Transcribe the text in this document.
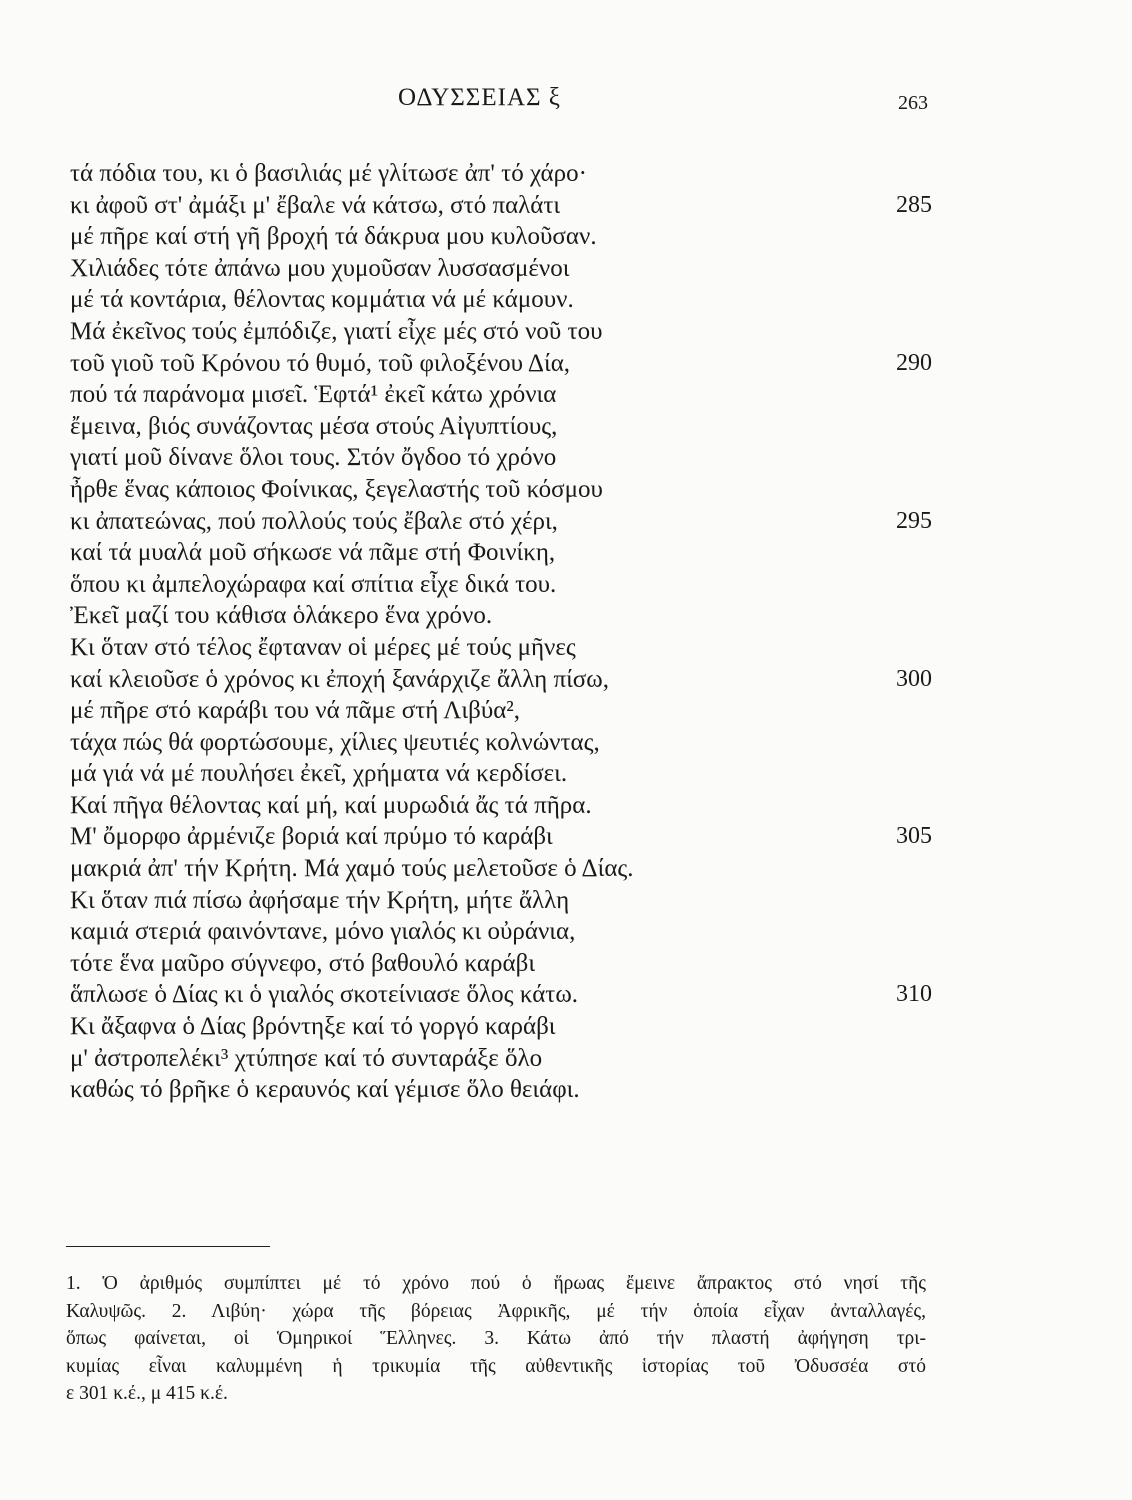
ΟΔΥΣΣΕΙΑΣ ξ	263
τά πόδια του, κι ὁ βασιλιάς μέ γλίτωσε ἀπ' τό χάρο·
κι ἀφοῦ στ' ἀμάξι μ' ἔβαλε νά κάτσω, στό παλάτι	285
μέ πῆρε καί στή γῆ βροχή τά δάκρυα μου κυλοῦσαν.
Χιλιάδες τότε ἀπάνω μου χυμοῦσαν λυσσασμένοι
μέ τά κοντάρια, θέλοντας κομμάτια νά μέ κάμουν.
Μά ἐκεῖνος τούς ἐμπόδιζε, γιατί εἶχε μές στό νοῦ του
τοῦ γιοῦ τοῦ Κρόνου τό θυμό, τοῦ φιλοξένου Δία,	290
πού τά παράνομα μισεῖ. Ἑφτά¹ ἐκεῖ κάτω χρόνια
ἔμεινα, βιός συνάζοντας μέσα στούς Αἰγυπτίους,
γιατί μοῦ δίνανε ὅλοι τους. Στόν ὄγδοο τό χρόνο
ἦρθε ἕνας κάποιος Φοίνικας, ξεγελαστής τοῦ κόσμου
κι ἀπατεώνας, πού πολλούς τούς ἔβαλε στό χέρι,	295
καί τά μυαλά μοῦ σήκωσε νά πᾶμε στή Φοινίκη,
ὅπου κι ἀμπελοχώραφα καί σπίτια εἶχε δικά του.
Ἐκεῖ μαζί του κάθισα ὁλάκερο ἕνα χρόνο.
Κι ὅταν στό τέλος ἔφταναν οἱ μέρες μέ τούς μῆνες
καί κλειοῦσε ὁ χρόνος κι ἐποχή ξανάρχιζε ἄλλη πίσω,	300
μέ πῆρε στό καράβι του νά πᾶμε στή Λιβύα²,
τάχα πώς θά φορτώσουμε, χίλιες ψευτιές κολνώντας,
μά γιά νά μέ πουλήσει ἐκεῖ, χρήματα νά κερδίσει.
Καί πῆγα θέλοντας καί μή, καί μυρωδιά ἄς τά πῆρα.
Μ' ὄμορφο ἀρμένιζε βοριά καί πρύμο τό καράβι	305
μακριά ἀπ' τήν Κρήτη. Μά χαμό τούς μελετοῦσε ὁ Δίας.
Κι ὅταν πιά πίσω ἀφήσαμε τήν Κρήτη, μήτε ἄλλη
καμιά στεριά φαινόντανε, μόνο γιαλός κι οὐράνια,
τότε ἕνα μαῦρο σύγνεφο, στό βαθουλό καράβι
ἅπλωσε ὁ Δίας κι ὁ γιαλός σκοτείνιασε ὅλος κάτω.	310
Κι ἄξαφνα ὁ Δίας βρόντηξε καί τό γοργό καράβι
μ' ἀστροπελέκι³ χτύπησε καί τό συνταράξε ὅλο
καθώς τό βρῆκε ὁ κεραυνός καί γέμισε ὅλο θειάφι.
1. Ὁ ἀριθμός συμπίπτει μέ τό χρόνο πού ὁ ἥρωας ἔμεινε ἄπρακτος στό νησί τῆς
Καλυψῶς. 2. Λιβύη· χώρα τῆς βόρειας Ἀφρικῆς, μέ τήν ὁποία εἶχαν ἀνταλλαγές,
ὅπως φαίνεται, οἱ Ὁμηρικοί Ἕλληνες. 3. Κάτω ἀπό τήν πλαστή ἀφήγηση τρι-
κυμίας εἶναι καλυμμένη ἡ τρικυμία τῆς αὐθεντικῆς ἱστορίας τοῦ Ὀδυσσέα στό
ε 301 κ.έ., μ 415 κ.έ.
